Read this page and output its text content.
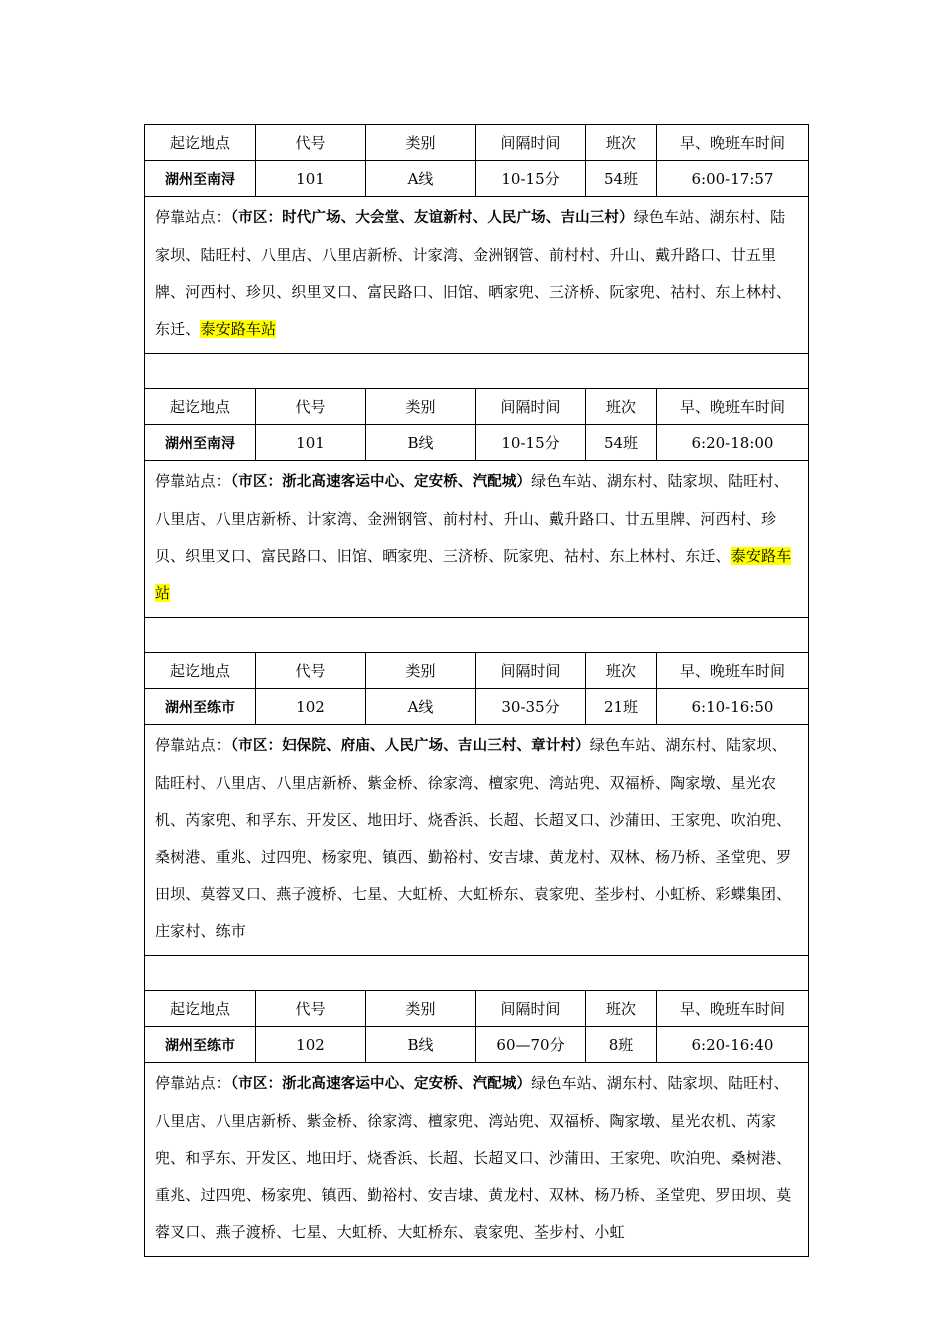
起讫地点	代号	类别	间隔时间	班次	早、晚班车时间
湖州至南浔	101	A线	10-15分	54班	6:00-17:57

停靠站点：（市区：时代广场、大会堂、友谊新村、人民广场、吉山三村）绿色车站、湖东村、陆家坝、陆旺村、八里店、八里店新桥、计家湾、金洲钢管、前村村、升山、戴升路口、廿五里牌、河西村、珍贝、织里叉口、富民路口、旧馆、晒家兜、三济桥、阮家兜、祜村、东上林村、东迁、泰安路车站					

起讫地点	代号	类别	间隔时间	班次	早、晚班车时间
湖州至南浔	101	B线	10-15分	54班	6:20-18:00

停靠站点：（市区：浙北高速客运中心、定安桥、汽配城）绿色车站、湖东村、陆家坝、陆旺村、八里店、八里店新桥、计家湾、金洲钢管、前村村、升山、戴升路口、廿五里牌、河西村、珍贝、织里叉口、富民路口、旧馆、晒家兜、三济桥、阮家兜、祜村、东上林村、东迁、泰安路车站					

起讫地点	代号	类别	间隔时间	班次	早、晚班车时间
湖州至练市	102	A线	30-35分	21班	6:10-16:50

停靠站点：（市区：妇保院、府庙、人民广场、吉山三村、章计村）绿色车站、湖东村、陆家坝、陆旺村、八里店、八里店新桥、紫金桥、徐家湾、檀家兜、湾站兜、双福桥、陶家墩、星光农机、芮家兜、和孚东、开发区、地田圩、烧香浜、长超、长超叉口、沙蒲田、王家兜、吹泊兜、桑树港、重兆、过四兜、杨家兜、镇西、勤裕村、安吉埭、黄龙村、双林、杨乃桥、圣堂兜、罗田坝、莫蓉叉口、燕子渡桥、七星、大虹桥、大虹桥东、袁家兜、荃步村、小虹桥、彩蝶集团、庄家村、练市					

起讫地点	代号	类别	间隔时间	班次	早、晚班车时间
湖州至练市	102	B线	60—70分	8班	6:20-16:40

停靠站点：（市区：浙北高速客运中心、定安桥、汽配城）绿色车站、湖东村、陆家坝、陆旺村、八里店、八里店新桥、紫金桥、徐家湾、檀家兜、湾站兜、双福桥、陶家墩、星光农机、芮家兜、和孚东、开发区、地田圩、烧香浜、长超、长超叉口、沙蒲田、王家兜、吹泊兜、桑树港、重兆、过四兜、杨家兜、镇西、勤裕村、安吉埭、黄龙村、双林、杨乃桥、圣堂兜、罗田坝、莫蓉叉口、燕子渡桥、七星、大虹桥、大虹桥东、袁家兜、荃步村、小虹					
